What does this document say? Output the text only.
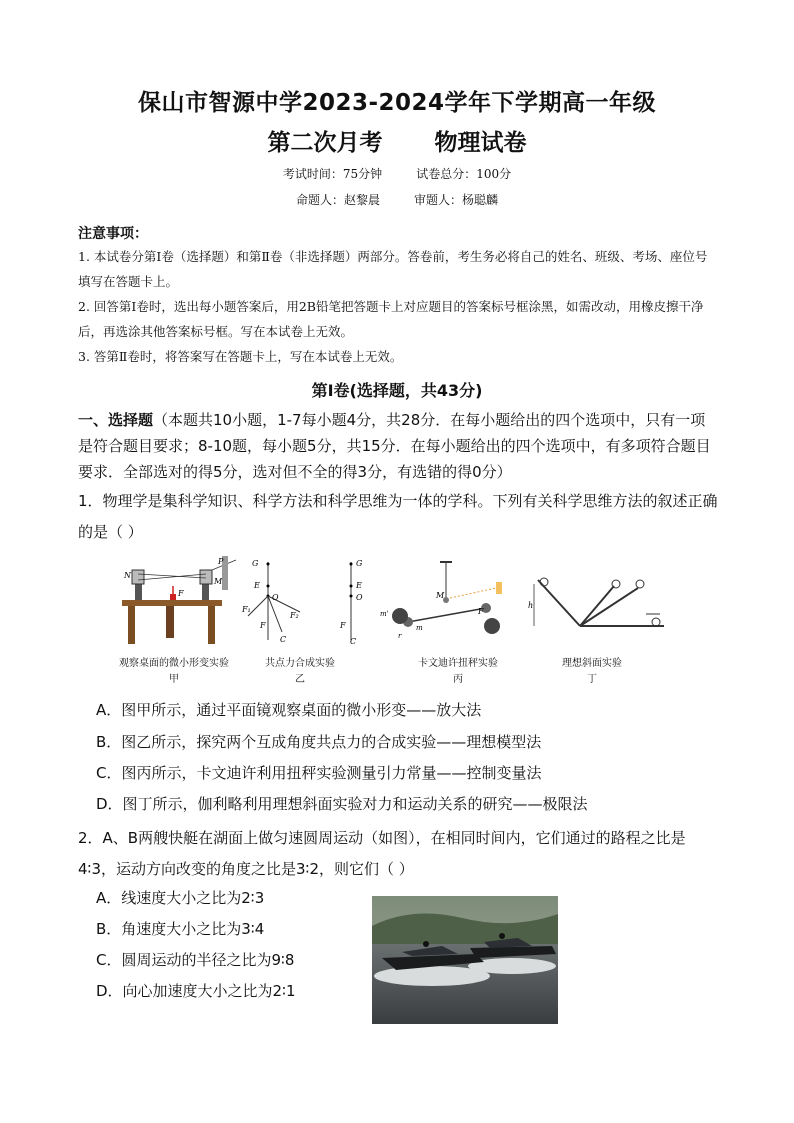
保山市智源中学2023-2024学年下学期高一年级
第二次月考 物理试卷
考试时间：75分钟	试卷总分：100分
命题人：赵黎晨	审题人：杨聪麟
注意事项：
1. 本试卷分第Ⅰ卷（选择题）和第Ⅱ卷（非选择题）两部分。答卷前，考生务必将自己的姓名、班级、考场、座位号填写在答题卡上。
2. 回答第Ⅰ卷时，选出每小题答案后，用2B铅笔把答题卡上对应题目的答案标号框涂黑，如需改动，用橡皮擦干净后，再选涂其他答案标号框。写在本试卷上无效。
3. 答第Ⅱ卷时，将答案写在答题卡上，写在本试卷上无效。
第Ⅰ卷(选择题，共43分)
一、选择题（本题共10小题，1-7每小题4分，共28分．在每小题给出的四个选项中，只有一项是符合题目要求；8-10题，每小题5分，共15分．在每小题给出的四个选项中，有多项符合题目要求．全部选对的得5分，选对但不全的得3分，有选错的得0分）
1．物理学是集科学知识、科学方法和科学思维为一体的学科。下列有关科学思维方法的叙述正确的是（ ）
N
P
M
F
观察桌面的微小形变实验
甲
G
E
O
F₁
F₂
F
C
G
E
O
F
C
共点力合成实验
乙
M
m'
m
F
r
卡文迪许扭秤实验
丙
h
理想斜面实验
丁
A．图甲所示，通过平面镜观察桌面的微小形变——放大法
B．图乙所示，探究两个互成角度共点力的合成实验——理想模型法
C．图丙所示，卡文迪许利用扭秤实验测量引力常量——控制变量法
D．图丁所示，伽利略利用理想斜面实验对力和运动关系的研究——极限法
2．A、B两艘快艇在湖面上做匀速圆周运动（如图），在相同时间内，它们通过的路程之比是 4∶3，运动方向改变的角度之比是3∶2，则它们（ ）
A．线速度大小之比为2∶3
B．角速度大小之比为3∶4
C．圆周运动的半径之比为9∶8
D．向心加速度大小之比为2∶1
